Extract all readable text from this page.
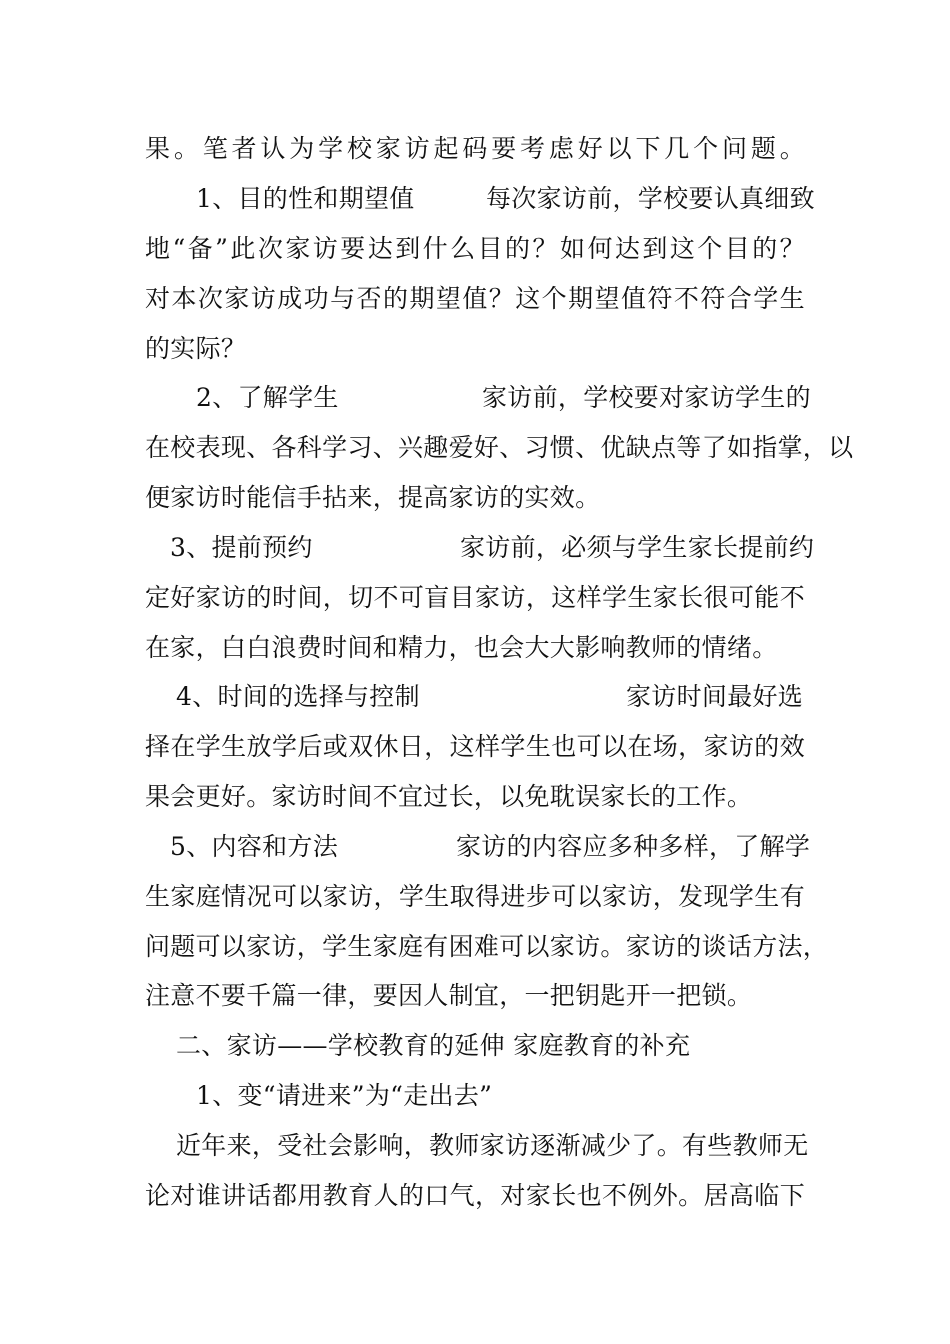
果。笔者认为学校家访起码要考虑好以下几个问题。
1、目的性和期望值	每次家访前，学校要认真细致
地“备”此次家访要达到什么目的？如何达到这个目的？
对本次家访成功与否的期望值？这个期望值符不符合学生
的实际？
2、了解学生	家访前，学校要对家访学生的
在校表现、各科学习、兴趣爱好、习惯、优缺点等了如指掌，以
便家访时能信手拈来，提高家访的实效。
3、提前预约	家访前，必须与学生家长提前约
定好家访的时间，切不可盲目家访，这样学生家长很可能不
在家，白白浪费时间和精力，也会大大影响教师的情绪。
4、时间的选择与控制	家访时间最好选
择在学生放学后或双休日，这样学生也可以在场，家访的效
果会更好。家访时间不宜过长，以免耽误家长的工作。
5、内容和方法	家访的内容应多种多样，了解学
生家庭情况可以家访，学生取得进步可以家访，发现学生有
问题可以家访，学生家庭有困难可以家访。家访的谈话方法，
注意不要千篇一律，要因人制宜，一把钥匙开一把锁。
二、家访——学校教育的延伸 家庭教育的补充
1、变“请进来”为“走出去”
近年来，受社会影响，教师家访逐渐减少了。有些教师无
论对谁讲话都用教育人的口气，对家长也不例外。居高临下
